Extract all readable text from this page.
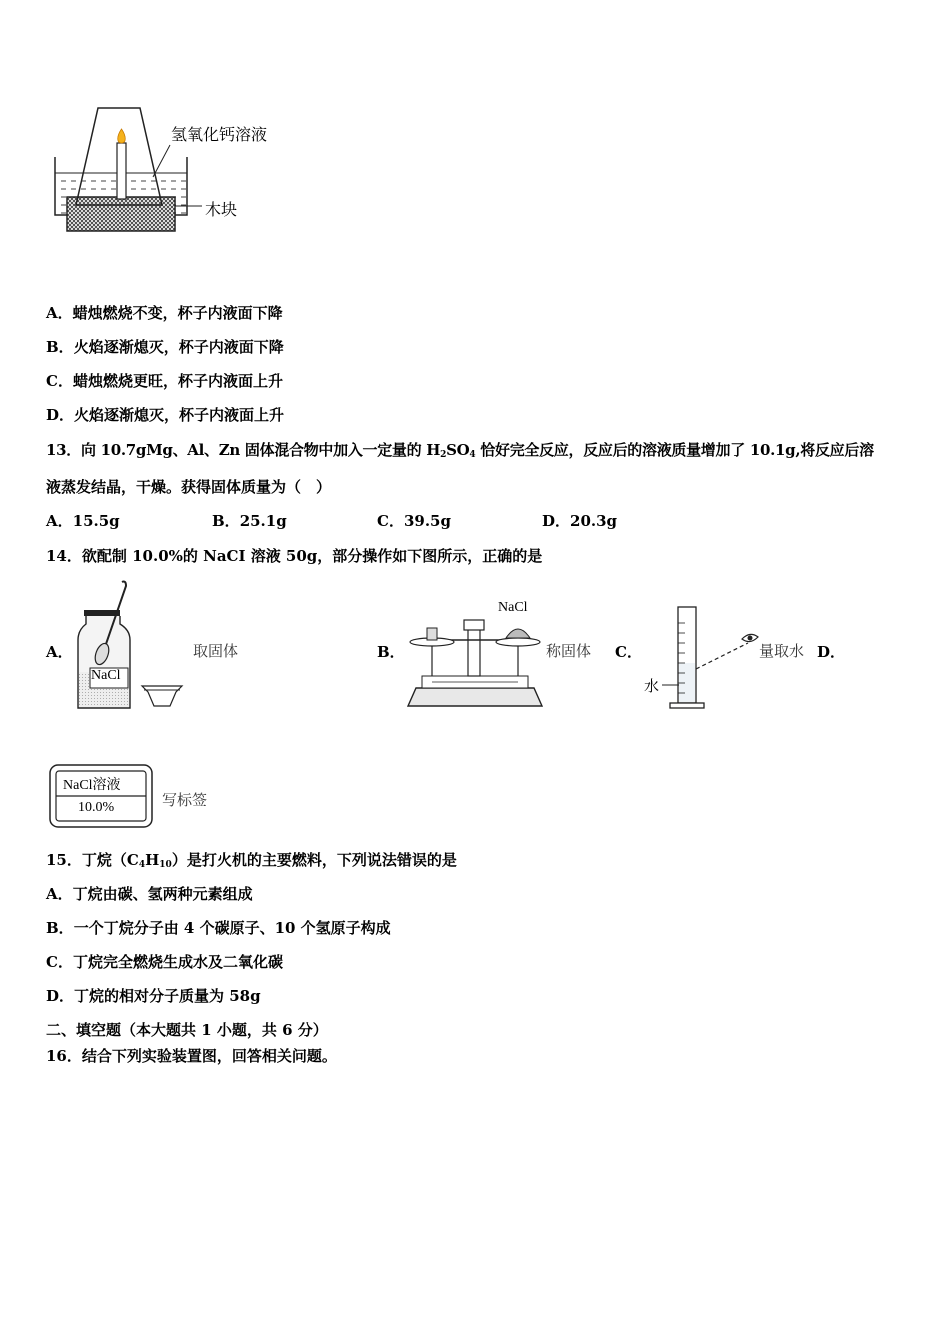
氢氧化钙溶液
木块
A．蜡烛燃烧不变，杯子内液面下降
B．火焰逐渐熄灭，杯子内液面下降
C．蜡烛燃烧更旺，杯子内液面上升
D．火焰逐渐熄灭，杯子内液面上升
13．向 10.7gMg、Al、Zn 固体混合物中加入一定量的 $H_2SO_4$ 恰好完全反应，反应后的溶液质量增加了 10.1g,将反应后溶
液蒸发结晶，干燥。获得固体质量为（　）
A．15.5g	B．25.1g	C．39.5g	D．20.3g
14．欲配制 10.0%的 NaCI 溶液 50g，部分操作如下图所示，正确的是
A．
NaCl
取固体	B．
NaCl
称固体 C．
水
量取水 D．
NaCl溶液
10.0%	写标签
15．丁烷$(C_4H_{10})$是打火机的主要燃料，下列说法错误的是
A．丁烷由碳、氢两种元素组成
B．一个丁烷分子由 4 个碳原子、10 个氢原子构成
C．丁烷完全燃烧生成水及二氧化碳
D．丁烷的相对分子质量为 58g
二、填空题（本大题共 1 小题，共 6 分）
16．结合下列实验装置图，回答相关问题。
